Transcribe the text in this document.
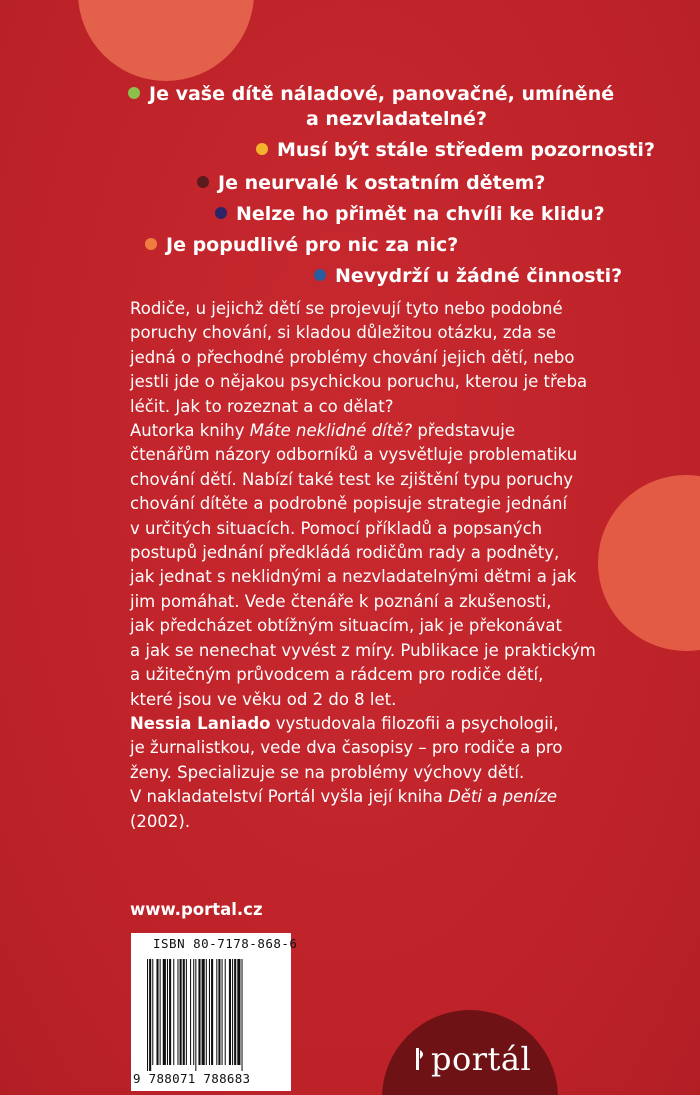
Je vaše dítě náladové, panovačné, umíněné
a nezvladatelné?
Musí být stále středem pozornosti?
Je neurvalé k ostatním dětem?
Nelze ho přimět na chvíli ke klidu?
Je popudlivé pro nic za nic?
Nevydrží u žádné činnosti?

Rodiče, u jejichž dětí se projevují tyto nebo podobné

poruchy chování, si kladou důležitou otázku, zda se

jedná o přechodné problémy chování jejich dětí, nebo

jestli jde o nějakou psychickou poruchu, kterou je třeba

léčit. Jak to rozeznat a co dělat?

Autorka knihy Máte neklidné dítě? představuje

čtenářům názory odborníků a vysvětluje problematiku

chování dětí. Nabízí také test ke zjištění typu poruchy

chování dítěte a podrobně popisuje strategie jednání

v určitých situacích. Pomocí příkladů a popsaných

postupů jednání předkládá rodičům rady a podněty,

jak jednat s neklidnými a nezvladatelnými dětmi a jak

jim pomáhat. Vede čtenáře k poznání a zkušenosti,

jak předcházet obtížným situacím, jak je překonávat

a jak se nenechat vyvést z míry. Publikace je praktickým

a užitečným průvodcem a rádcem pro rodiče dětí,

které jsou ve věku od 2 do 8 let.

Nessia Laniado vystudovala filozofii a psychologii,

je žurnalistkou, vede dva časopisy – pro rodiče a pro

ženy. Specializuje se na problémy výchovy dětí.

V nakladatelství Portál vyšla její kniha Děti a peníze

(2002).

www.portal.cz
ISBN 80-7178-868-6
9 788071 788683
portál
